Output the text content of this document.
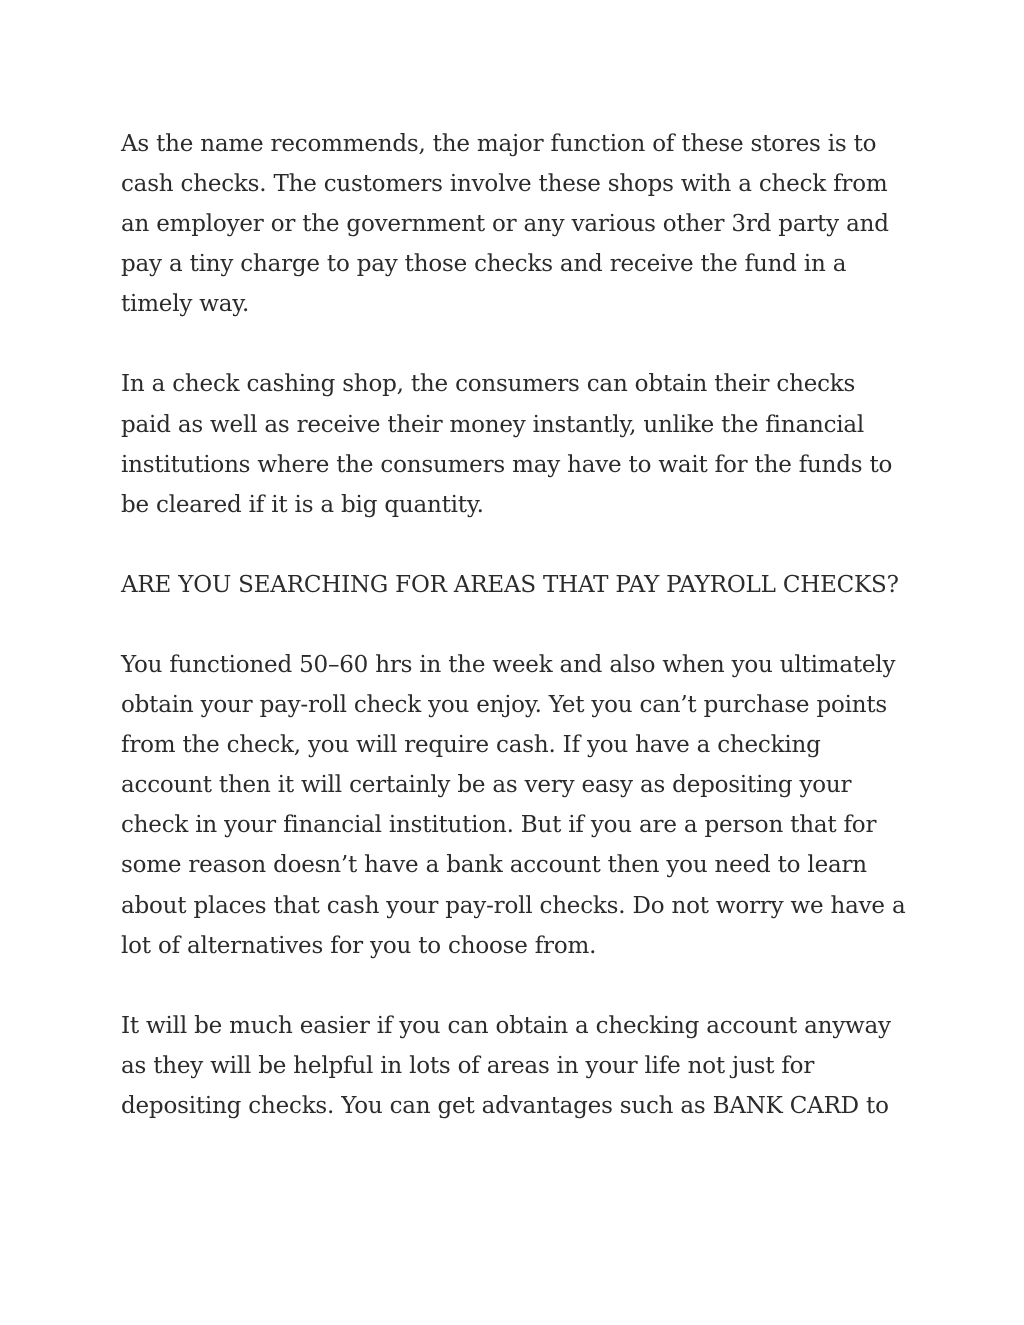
As the name recommends, the major function of these stores is to cash checks. The customers involve these shops with a check from an employer or the government or any various other 3rd party and pay a tiny charge to pay those checks and receive the fund in a timely way.

In a check cashing shop, the consumers can obtain their checks paid as well as receive their money instantly, unlike the financial institutions where the consumers may have to wait for the funds to be cleared if it is a big quantity.

ARE YOU SEARCHING FOR AREAS THAT PAY PAYROLL CHECKS?

You functioned 50–60 hrs in the week and also when you ultimately obtain your pay-roll check you enjoy. Yet you can’t purchase points from the check, you will require cash. If you have a checking account then it will certainly be as very easy as depositing your check in your financial institution. But if you are a person that for some reason doesn’t have a bank account then you need to learn about places that cash your pay-roll checks. Do not worry we have a lot of alternatives for you to choose from.

It will be much easier if you can obtain a checking account anyway as they will be helpful in lots of areas in your life not just for depositing checks. You can get advantages such as BANK CARD to
